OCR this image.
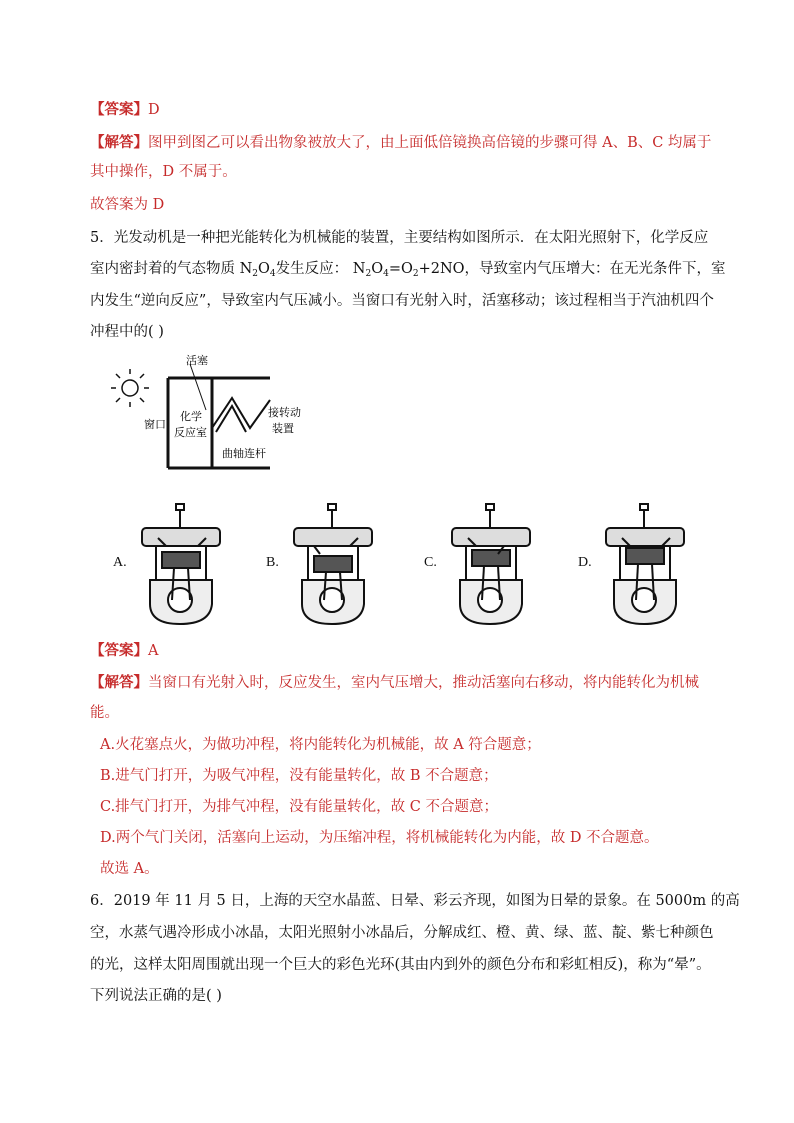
【答案】D
【解答】图甲到图乙可以看出物象被放大了，由上面低倍镜换高倍镜的步骤可得 A、B、C 均属于
其中操作，D 不属于。
故答案为 D
5．光发动机是一种把光能转化为机械能的装置，主要结构如图所示．在太阳光照射下，化学反应
室内密封着的气态物质 $N_2O_4$发生反应： $N_2O_4=O_2+2NO$，导致室内气压增大：在无光条件下，室
内发生“逆向反应”，导致室内气压减小。当窗口有光射入时，活塞移动；该过程相当于汽油机四个
冲程中的( )
活塞
窗口
化学
反应室
曲轴连杆
接转动
装置
A.	B.	C.	D.
【答案】A
【解答】当窗口有光射入时，反应发生，室内气压增大，推动活塞向右移动，将内能转化为机械
能。
A.火花塞点火，为做功冲程，将内能转化为机械能，故 A 符合题意；
B.进气门打开，为吸气冲程，没有能量转化，故 B 不合题意；
C.排气门打开，为排气冲程，没有能量转化，故 C 不合题意；
D.两个气门关闭，活塞向上运动，为压缩冲程，将机械能转化为内能，故 D 不合题意。
故选 A。
6．2019 年 11 月 5 日，上海的天空水晶蓝、日晕、彩云齐现，如图为日晕的景象。在 5000m 的高
空，水蒸气遇冷形成小冰晶，太阳光照射小冰晶后，分解成红、橙、黄、绿、蓝、靛、紫七种颜色
的光，这样太阳周围就出现一个巨大的彩色光环(其由内到外的颜色分布和彩虹相反)，称为“晕”。
下列说法正确的是( )
